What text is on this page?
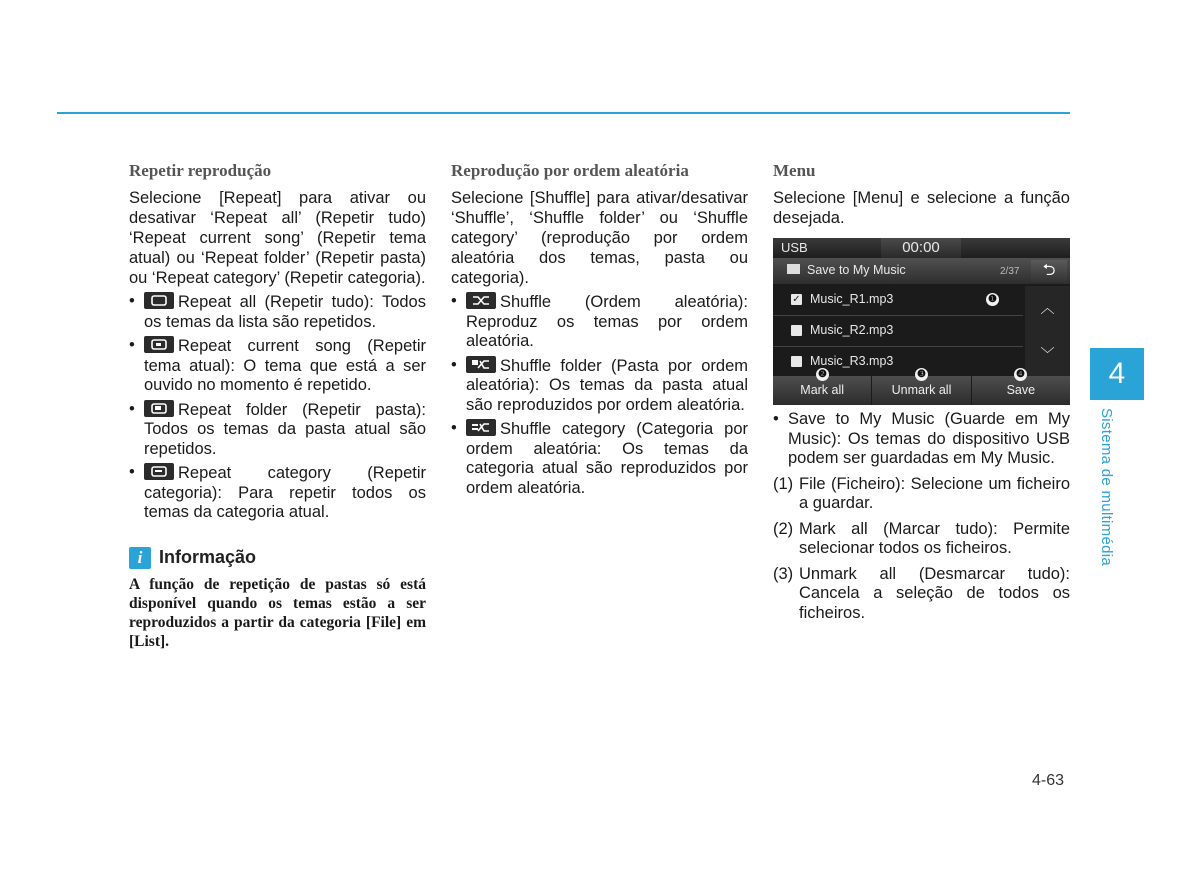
Repetir reprodução

Selecione [Repeat] para ativar ou desativar ‘Repeat all’ (Repetir tudo) ‘Repeat current song’ (Repetir tema atual) ou ‘Repeat folder’ (Repetir pasta) ou ‘Repeat category’ (Repetir categoria).

•	Repeat all (Repetir tudo): Todos os temas da lista são repetidos.
•	Repeat current song (Repetir tema atual): O tema que está a ser ouvido no momento é repetido.
•	Repeat folder (Repetir pasta): Todos os temas da pasta atual são repetidos.
•	Repeat category (Repetir categoria): Para repetir todos os temas da categoria atual.
i Informação

A função de repetição de pastas só está disponível quando os temas estão a ser reproduzidos a partir da categoria [File] em [List].

Reprodução por ordem aleatória

Selecione [Shuffle] para ativar/desativar ‘Shuffle’, ‘Shuffle folder’ ou ‘Shuffle category’ (reprodução por ordem aleatória dos temas, pasta ou categoria).

•	Shuffle (Ordem aleatória): Reproduz os temas por ordem aleatória.
•	Shuffle folder (Pasta por ordem aleatória): Os temas da pasta atual são reproduzidos por ordem aleatória.
•	Shuffle category (Categoria por ordem aleatória: Os temas da categoria atual são reproduzidos por ordem aleatória.

Menu

Selecione [Menu] e selecione a função desejada.

USB	00:00
Save to My Music	2/37	⮌
✓ Music_R1.mp3
Music_R2.mp3
Music_R3.mp3
︿
﹀
Mark all	Unmark all	Save
❶
❷	❸	❹
• Save to My Music (Guarde em My Music): Os temas do dispositivo USB podem ser guardadas em My Music.
(1) File (Ficheiro): Selecione um ficheiro a guardar.
(2) Mark all (Marcar tudo): Permite selecionar todos os ficheiros.
(3) Unmark all (Desmarcar tudo): Cancela a seleção de todos os ficheiros.
4
Sistema de multimédia
4-63
